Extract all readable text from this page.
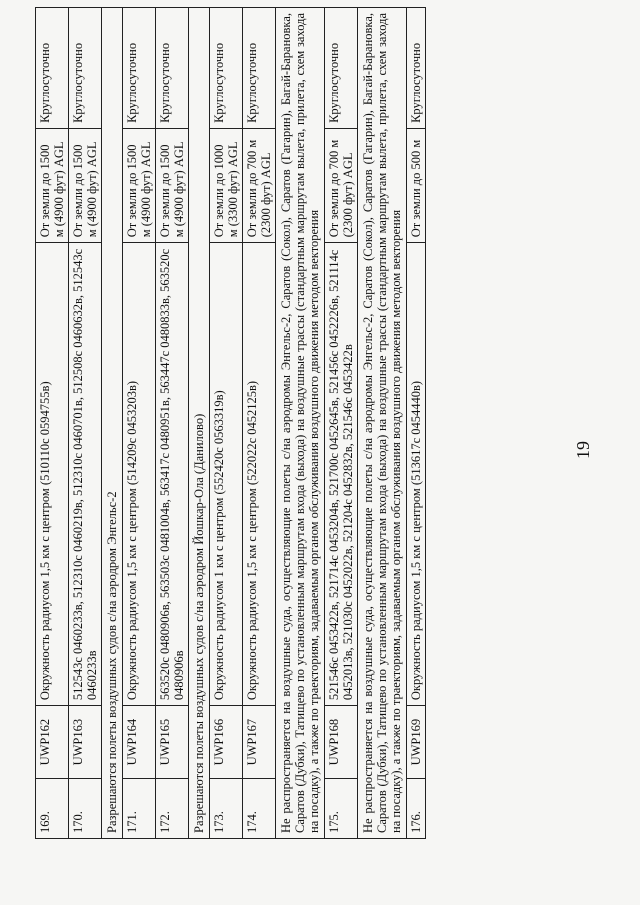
19
169.	UWP162	Окружность радиусом 1,5 км с центром (510110с 0594755в)	От земли до 1500 м (4900 фут) AGL	Круглосуточно
170.	UWP163	512543с 0460233в, 512310с 0460219в, 512310с 0460701в, 512508с 0460632в, 512543с 0460233в	От земли до 1500 м (4900 фут) AGL	Круглосуточно
Разрешаются полеты воздушных судов с/на аэродром Энгельс-2				
171.	UWP164	Окружность радиусом 1,5 км с центром (514209с 0453203в)	От земли до 1500 м (4900 фут) AGL	Круглосуточно
172.	UWP165	563520с 0480906в, 563503с 0481004в, 563417с 0480951в, 563447с 0480833в, 563520с 0480906в	От земли до 1500 м (4900 фут) AGL	Круглосуточно
Разрешаются полеты воздушных судов с/на аэродром Йошкар-Ола (Данилово)				
173.	UWP166	Окружность радиусом 1 км с центром (552420с 0563319в)	От земли до 1000 м (3300 фут) AGL	Круглосуточно
174.	UWP167	Окружность радиусом 1,5 км с центром (522022с 0452125в)	От земли до 700 м (2300 фут) AGL	Круглосуточно
Не распространяется на воздушные суда, осуществляющие полеты с/на аэродромы Энгельс-2, Саратов (Сокол), Саратов (Гагарин), Багай-Барановка, Саратов (Дубки), Татищево по установленным маршрутам входа (выхода) на воздушные трассы (стандартным маршрутам вылета, прилета, схем захода на посадку), а также по траекториям, задаваемым органом обслуживания воздушного движения методом векторения				
175.	UWP168	521546с 0453422в, 521714с 0453204в, 521700с 0452645в, 521456с 0452226в, 521114с 0452013в, 521030с 0452022в, 521204с 0452832в, 521546с 0453422в	От земли до 700 м (2300 фут) AGL	Круглосуточно
Не распространяется на воздушные суда, осуществляющие полеты с/на аэродромы Энгельс-2, Саратов (Сокол), Саратов (Гагарин), Багай-Барановка, Саратов (Дубки), Татищево по установленным маршрутам входа (выхода) на воздушные трассы (стандартным маршрутам вылета, прилета, схем захода на посадку), а также по траекториям, задаваемым органом обслуживания воздушного движения методом векторения				
176.	UWP169	Окружность радиусом 1,5 км с центром (513617с 0454440в)	От земли до 500 м	Круглосуточно
